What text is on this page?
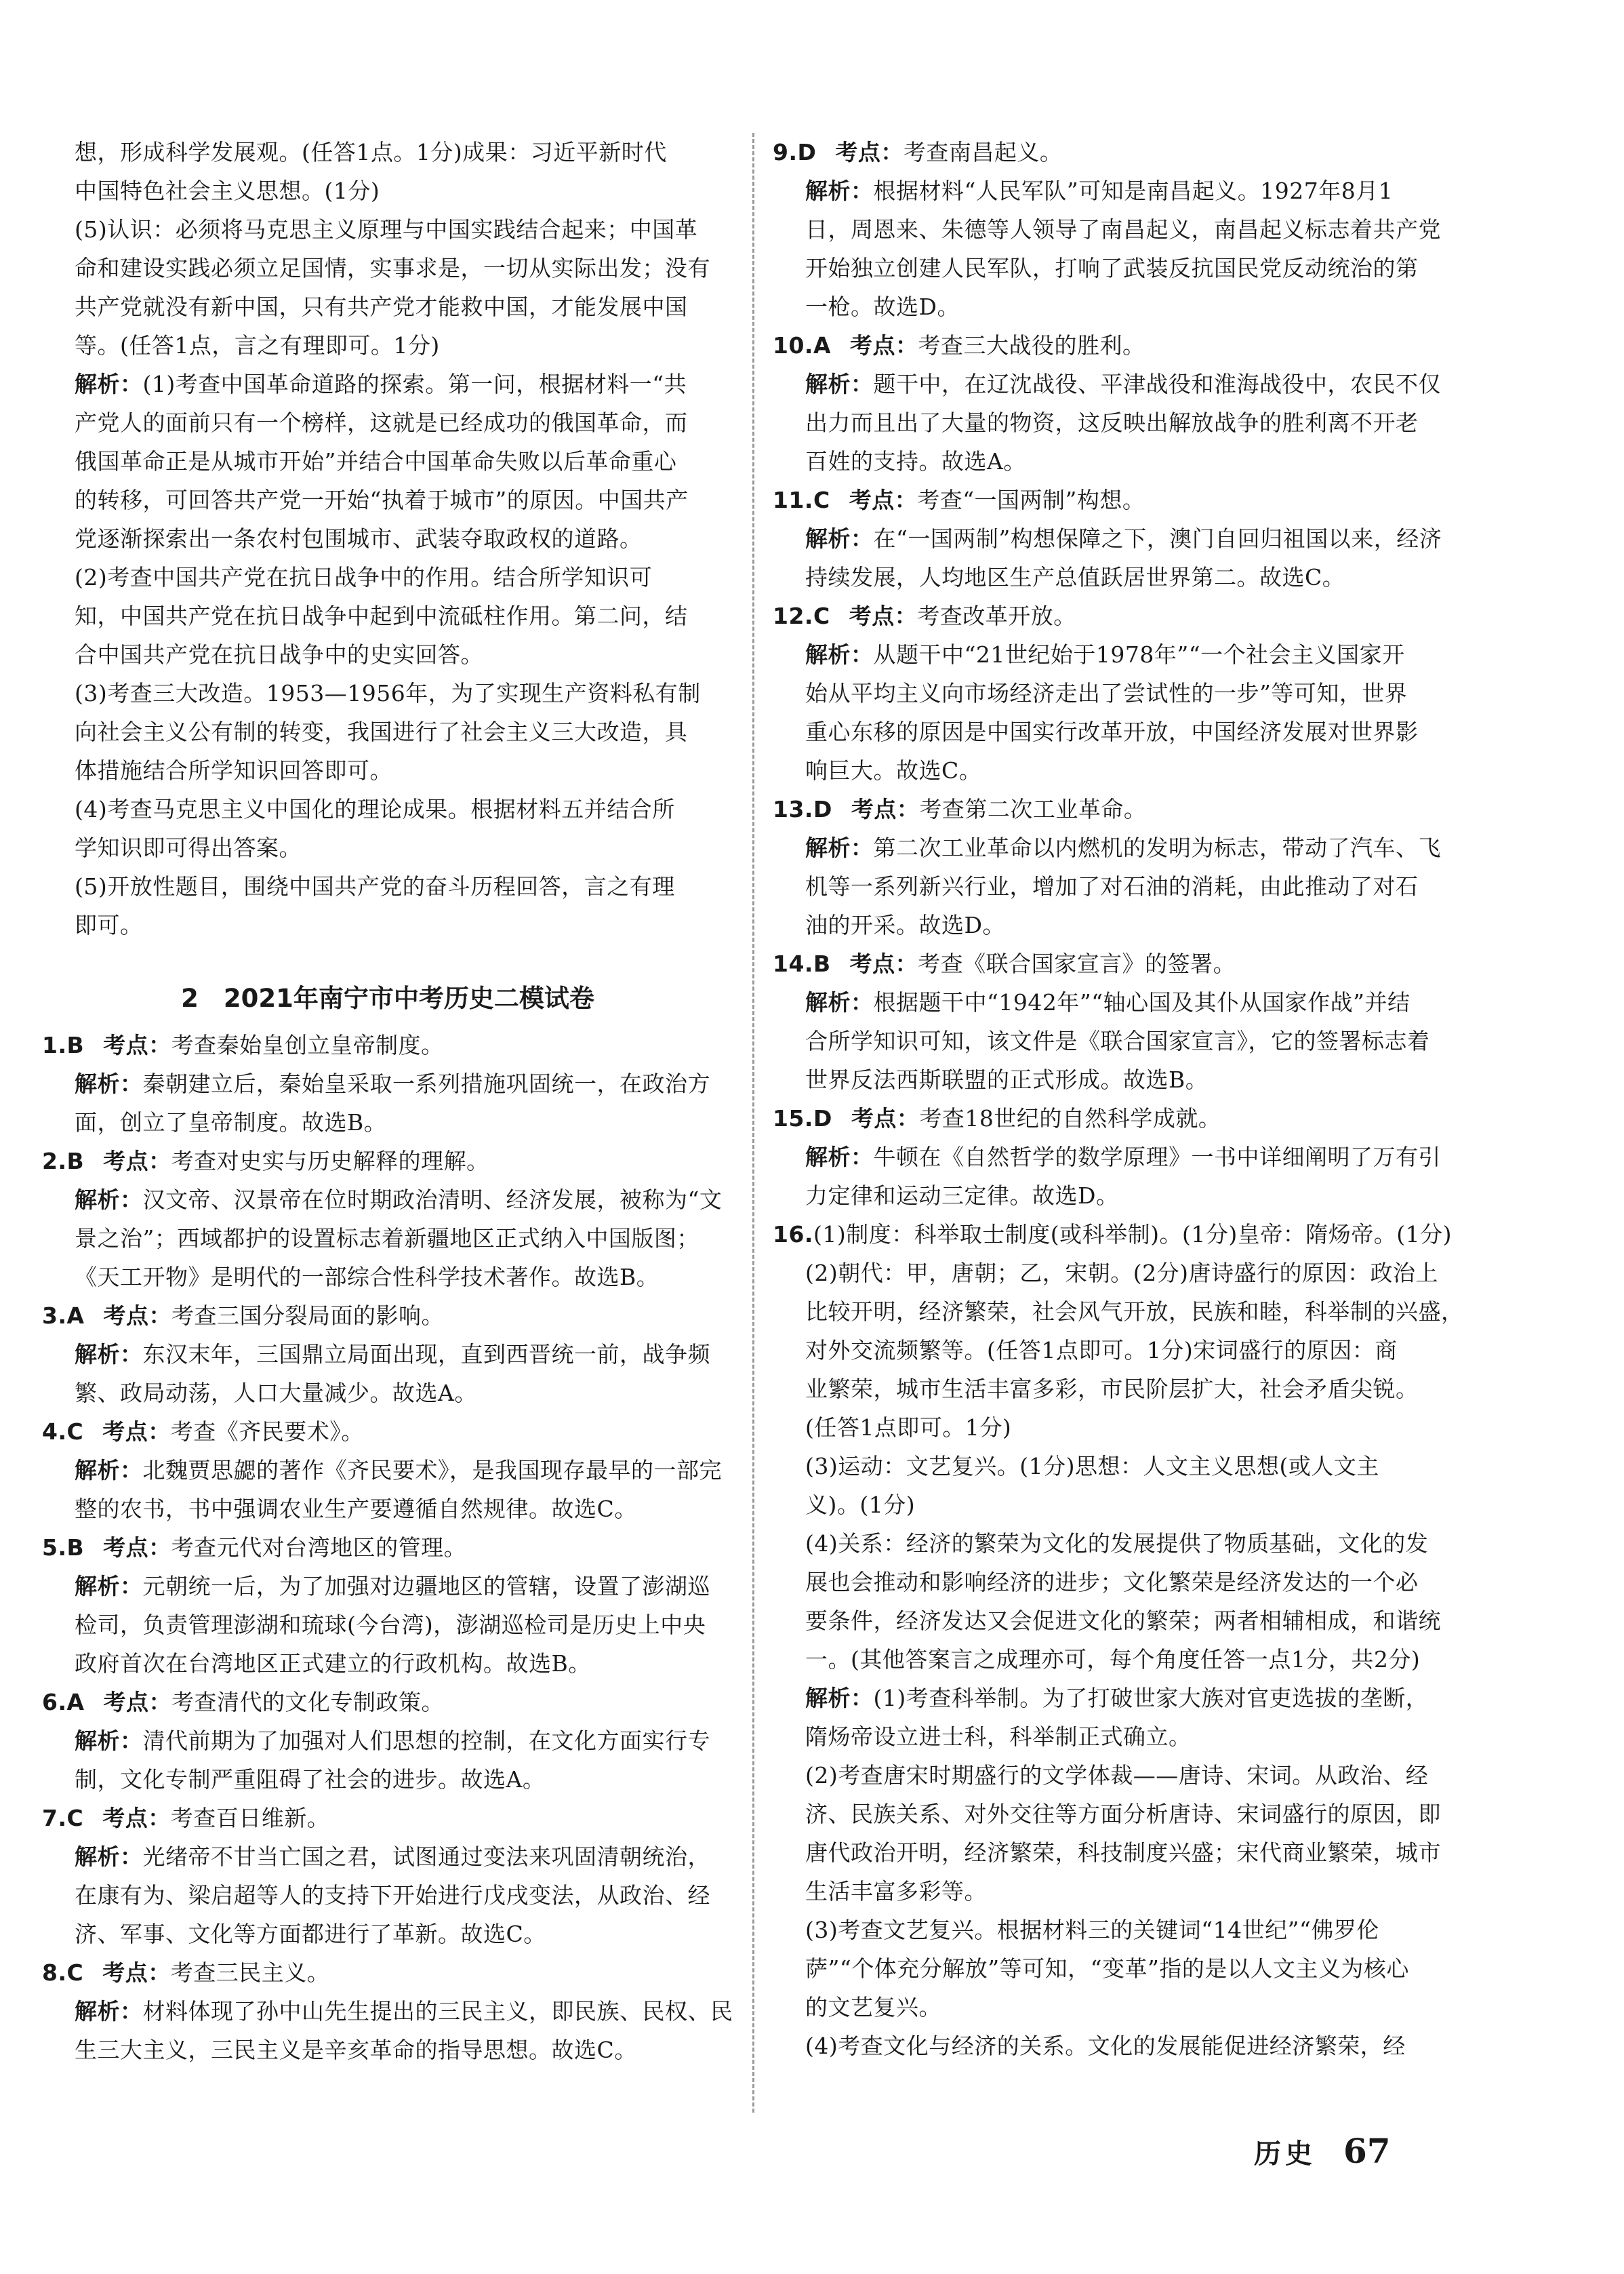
想，形成科学发展观。(任答1点。1分)成果：习近平新时代
中国特色社会主义思想。(1分)
(5)认识：必须将马克思主义原理与中国实践结合起来；中国革
命和建设实践必须立足国情，实事求是，一切从实际出发；没有
共产党就没有新中国，只有共产党才能救中国，才能发展中国
等。(任答1点，言之有理即可。1分)
解析：(1)考查中国革命道路的探索。第一问，根据材料一“共
产党人的面前只有一个榜样，这就是已经成功的俄国革命，而
俄国革命正是从城市开始”并结合中国革命失败以后革命重心
的转移，可回答共产党一开始“执着于城市”的原因。中国共产
党逐渐探索出一条农村包围城市、武装夺取政权的道路。
(2)考查中国共产党在抗日战争中的作用。结合所学知识可
知，中国共产党在抗日战争中起到中流砥柱作用。第二问，结
合中国共产党在抗日战争中的史实回答。
(3)考查三大改造。1953—1956年，为了实现生产资料私有制
向社会主义公有制的转变，我国进行了社会主义三大改造，具
体措施结合所学知识回答即可。
(4)考查马克思主义中国化的理论成果。根据材料五并结合所
学知识即可得出答案。
(5)开放性题目，围绕中国共产党的奋斗历程回答，言之有理
即可。
2　2021年南宁市中考历史二模试卷
1.B 考点：考查秦始皇创立皇帝制度。
解析：秦朝建立后，秦始皇采取一系列措施巩固统一，在政治方
面，创立了皇帝制度。故选B。
2.B 考点：考查对史实与历史解释的理解。
解析：汉文帝、汉景帝在位时期政治清明、经济发展，被称为“文
景之治”；西域都护的设置标志着新疆地区正式纳入中国版图；
《天工开物》是明代的一部综合性科学技术著作。故选B。
3.A 考点：考查三国分裂局面的影响。
解析：东汉末年，三国鼎立局面出现，直到西晋统一前，战争频
繁、政局动荡，人口大量减少。故选A。
4.C 考点：考查《齐民要术》。
解析：北魏贾思勰的著作《齐民要术》，是我国现存最早的一部完
整的农书，书中强调农业生产要遵循自然规律。故选C。
5.B 考点：考查元代对台湾地区的管理。
解析：元朝统一后，为了加强对边疆地区的管辖，设置了澎湖巡
检司，负责管理澎湖和琉球(今台湾)，澎湖巡检司是历史上中央
政府首次在台湾地区正式建立的行政机构。故选B。
6.A 考点：考查清代的文化专制政策。
解析：清代前期为了加强对人们思想的控制，在文化方面实行专
制，文化专制严重阻碍了社会的进步。故选A。
7.C 考点：考查百日维新。
解析：光绪帝不甘当亡国之君，试图通过变法来巩固清朝统治，
在康有为、梁启超等人的支持下开始进行戊戌变法，从政治、经
济、军事、文化等方面都进行了革新。故选C。
8.C 考点：考查三民主义。
解析：材料体现了孙中山先生提出的三民主义，即民族、民权、民
生三大主义，三民主义是辛亥革命的指导思想。故选C。
9.D 考点：考查南昌起义。
解析：根据材料“人民军队”可知是南昌起义。1927年8月1
日，周恩来、朱德等人领导了南昌起义，南昌起义标志着共产党
开始独立创建人民军队，打响了武装反抗国民党反动统治的第
一枪。故选D。
10.A 考点：考查三大战役的胜利。
解析：题干中，在辽沈战役、平津战役和淮海战役中，农民不仅
出力而且出了大量的物资，这反映出解放战争的胜利离不开老
百姓的支持。故选A。
11.C 考点：考查“一国两制”构想。
解析：在“一国两制”构想保障之下，澳门自回归祖国以来，经济
持续发展，人均地区生产总值跃居世界第二。故选C。
12.C 考点：考查改革开放。
解析：从题干中“21世纪始于1978年”“一个社会主义国家开
始从平均主义向市场经济走出了尝试性的一步”等可知，世界
重心东移的原因是中国实行改革开放，中国经济发展对世界影
响巨大。故选C。
13.D 考点：考查第二次工业革命。
解析：第二次工业革命以内燃机的发明为标志，带动了汽车、飞
机等一系列新兴行业，增加了对石油的消耗，由此推动了对石
油的开采。故选D。
14.B 考点：考查《联合国家宣言》的签署。
解析：根据题干中“1942年”“轴心国及其仆从国家作战”并结
合所学知识可知，该文件是《联合国家宣言》，它的签署标志着
世界反法西斯联盟的正式形成。故选B。
15.D 考点：考查18世纪的自然科学成就。
解析：牛顿在《自然哲学的数学原理》一书中详细阐明了万有引
力定律和运动三定律。故选D。
16.(1)制度：科举取士制度(或科举制)。(1分)皇帝：隋炀帝。(1分)
(2)朝代：甲，唐朝；乙，宋朝。(2分)唐诗盛行的原因：政治上
比较开明，经济繁荣，社会风气开放，民族和睦，科举制的兴盛，
对外交流频繁等。(任答1点即可。1分)宋词盛行的原因：商
业繁荣，城市生活丰富多彩，市民阶层扩大，社会矛盾尖锐。
(任答1点即可。1分)
(3)运动：文艺复兴。(1分)思想：人文主义思想(或人文主
义)。(1分)
(4)关系：经济的繁荣为文化的发展提供了物质基础，文化的发
展也会推动和影响经济的进步；文化繁荣是经济发达的一个必
要条件，经济发达又会促进文化的繁荣；两者相辅相成，和谐统
一。(其他答案言之成理亦可，每个角度任答一点1分，共2分)
解析：(1)考查科举制。为了打破世家大族对官吏选拔的垄断，
隋炀帝设立进士科，科举制正式确立。
(2)考查唐宋时期盛行的文学体裁——唐诗、宋词。从政治、经
济、民族关系、对外交往等方面分析唐诗、宋词盛行的原因，即
唐代政治开明，经济繁荣，科技制度兴盛；宋代商业繁荣，城市
生活丰富多彩等。
(3)考查文艺复兴。根据材料三的关键词“14世纪”“佛罗伦
萨”“个体充分解放”等可知，“变革”指的是以人文主义为核心
的文艺复兴。
(4)考查文化与经济的关系。文化的发展能促进经济繁荣，经
历史 67
